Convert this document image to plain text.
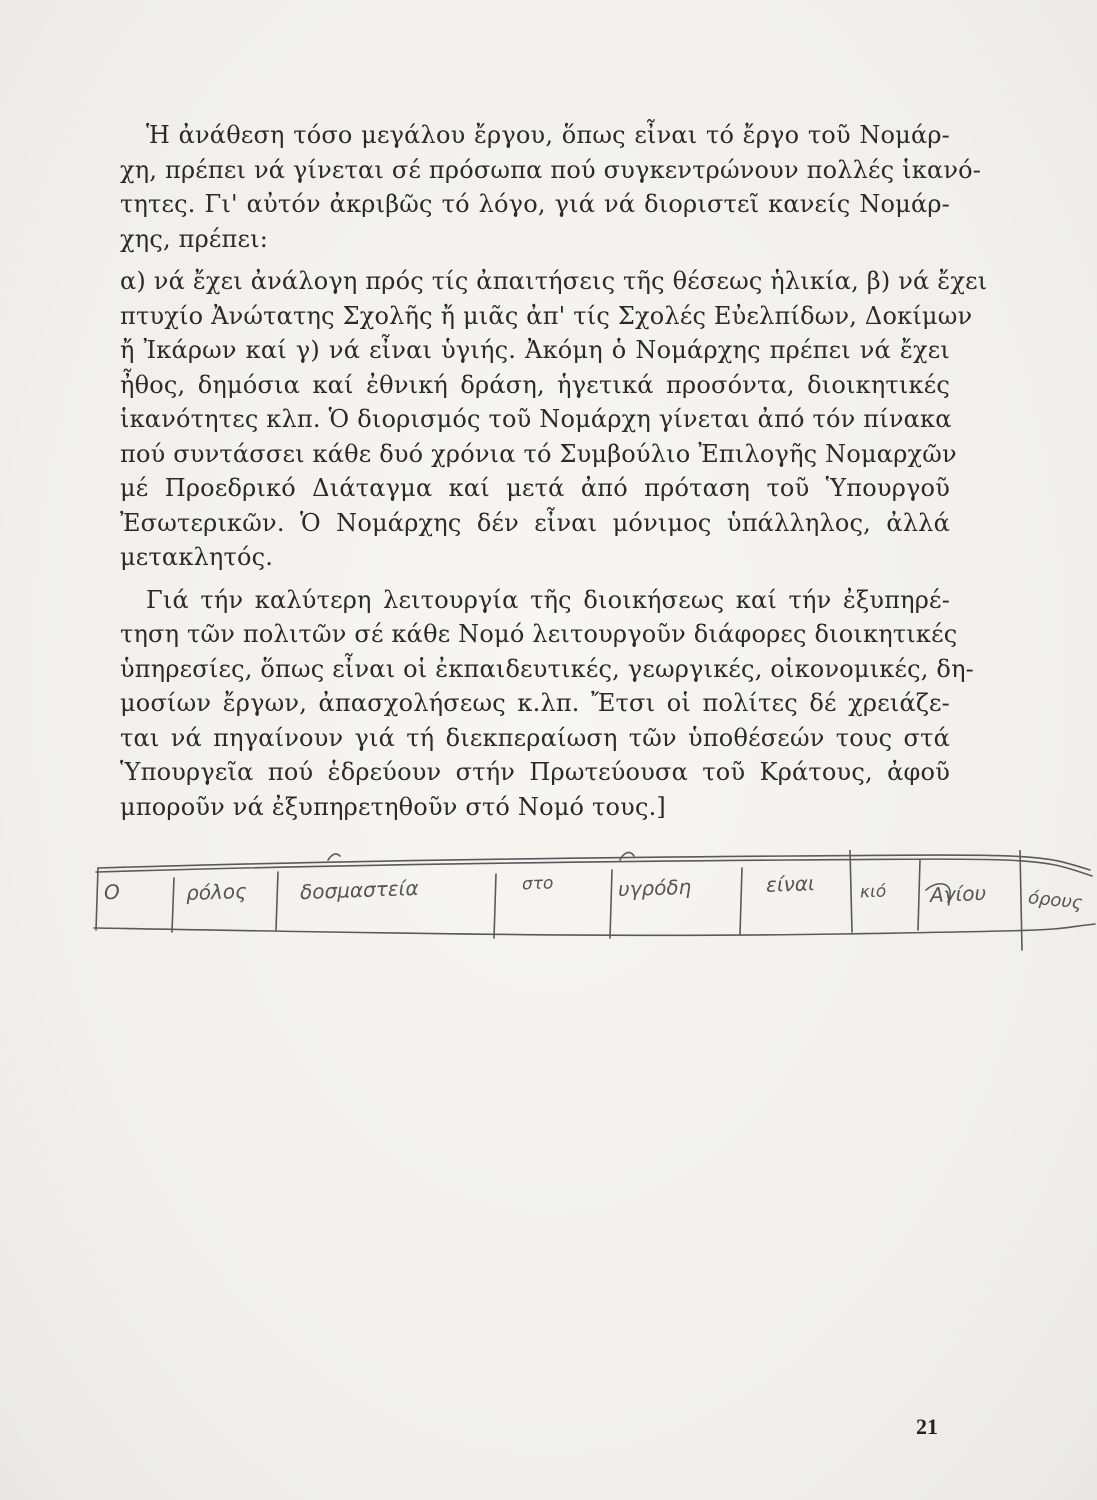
Ἡ ἀνάθεση τόσο μεγάλου ἔργου, ὅπως εἶναι τό ἔργο τοῦ Νομάρ-
χη, πρέπει νά γίνεται σέ πρόσωπα πού συγκεντρώνουν πολλές ἱκανό-
τητες. Γι' αὐτόν ἀκριβῶς τό λόγο, γιά νά διοριστεῖ κανείς Νομάρ-
χης, πρέπει:
α) νά ἔχει ἀνάλογη πρός τίς ἀπαιτήσεις τῆς θέσεως ἡλικία, β) νά ἔχει
πτυχίο Ἀνώτατης Σχολῆς ἤ μιᾶς ἀπ' τίς Σχολές Εὐελπίδων, Δοκίμων
ἤ Ἰκάρων καί γ) νά εἶναι ὑγιής. Ἀκόμη ὁ Νομάρχης πρέπει νά ἔχει
ἦθος, δημόσια καί ἐθνική δράση, ἡγετικά προσόντα, διοικητικές
ἱκανότητες κλπ. Ὁ διορισμός τοῦ Νομάρχη γίνεται ἀπό τόν πίνακα
πού συντάσσει κάθε δυό χρόνια τό Συμβούλιο Ἐπιλογῆς Νομαρχῶν
μέ Προεδρικό Διάταγμα καί μετά ἀπό πρόταση τοῦ Ὑπουργοῦ
Ἐσωτερικῶν. Ὁ Νομάρχης δέν εἶναι μόνιμος ὑπάλληλος, ἀλλά
μετακλητός.
Γιά τήν καλύτερη λειτουργία τῆς διοικήσεως καί τήν ἐξυπηρέ-
τηση τῶν πολιτῶν σέ κάθε Νομό λειτουργοῦν διάφορες διοικητικές
ὑπηρεσίες, ὅπως εἶναι οἱ ἐκπαιδευτικές, γεωργικές, οἰκονομικές, δη-
μοσίων ἔργων, ἀπασχολήσεως κ.λπ. Ἔτσι οἱ πολίτες δέ χρειάζε-
ται νά πηγαίνουν γιά τή διεκπεραίωση τῶν ὑποθέσεών τους στά
Ὑπουργεῖα πού ἑδρεύουν στήν Πρωτεύουσα τοῦ Κράτους, ἀφοῦ
μποροῦν νά ἐξυπηρετηθοῦν στό Νομό τους.]
Ο	ρόλος	δοσμαστεία	στο	υγρόδη	είναι	κιό Αγίου όρους
21
